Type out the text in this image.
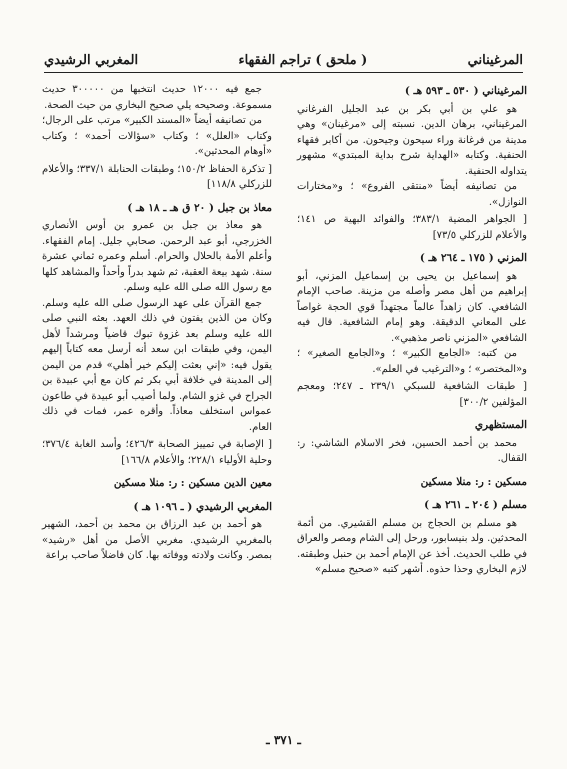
المرغيناني
( ملحق ) تراجم الفقهاء
المغربي الرشيدي
المرغيناني ( ٥٣٠ ـ ٥٩٣ هـ )

هو علي بن أبي بكر بن عبد الجليل الفرغاني المرغيناني، برهان الدين. نسبته إلى «مرغينان» وهي مدينة من فرغانة وراء سيحون وجيحون. من أكابر فقهاء الحنفية. وكتابه «الهداية شرح بداية المبتدي» مشهور يتداوله الحنفية.

من تصانيفه أيضاً «منتقى الفروع» ؛ و«مختارات النوازل».

[ الجواهر المضية ٣٨٣/١؛ والفوائد البهية ص ١٤١؛ والأعلام للزركلي ٧٣/٥]

المزني ( ١٧٥ ـ ٢٦٤ هـ )

هو إسماعيل بن يحيى بن إسماعيل المزني، أبو إبراهيم من أهل مصر وأصله من مزينة. صاحب الإمام الشافعي. كان زاهداً عالماً مجتهداً قوي الحجة غواصاً على المعاني الدقيقة. وهو إمام الشافعية. قال فيه الشافعي «المزني ناصر مذهبي».

من كتبه: «الجامع الكبير» ؛ و«الجامع الصغير» ؛ و«المختصر» ؛ و«الترغيب في العلم».

[ طبقات الشافعية للسبكي ٢٣٩/١ ـ ٢٤٧؛ ومعجم المؤلفين ٣٠٠/٢]

المستظهري

محمد بن أحمد الحسين، فخر الاسلام الشاشي: ر: القفال.

مسكين : ر: منلا مسكين
مسلم ( ٢٠٤ ـ ٢٦١ هـ )

هو مسلم بن الحجاج بن مسلم القشيري. من أئمة المحدثين. ولد بنيسابور، ورحل إلى الشام ومصر والعراق في طلب الحديث. أخذ عن الإمام أحمد بن حنبل وطبقته. لازم البخاري وحذا حذوه. أشهر كتبه «صحيح مسلم»

جمع فيه ١٢٠٠٠ حديث انتخبها من ٣٠٠٠٠٠ حديث مسموعة. وصحيحه يلي صحيح البخاري من حيث الصحة.

من تصانيفه أيضاً «المسند الكبير» مرتب على الرجال؛ وكتاب «العلل» ؛ وكتاب «سؤالات أحمد» ؛ وكتاب «أوهام المحدثين».

[ تذكرة الحفاظ ١٥٠/٢؛ وطبقات الحنابلة ٣٣٧/١؛ والأعلام للزركلي ١١٨/٨]

معاذ بن جبل ( ٢٠ ق هـ ـ ١٨ هـ )

هو معاذ بن جبل بن عمرو بن أوس الأنصاري الخزرجي، أبو عبد الرحمن. صحابي جليل. إمام الفقهاء. وأعلم الأمة بالحلال والحرام. أسلم وعمره ثماني عشرة سنة. شهد بيعة العقبة، ثم شهد بدراً وأحداً والمشاهد كلها مع رسول الله صلى الله عليه وسلم.

جمع القرآن على عهد الرسول صلى الله عليه وسلم. وكان من الذين يفتون في ذلك العهد. بعثه النبي صلى الله عليه وسلم بعد غزوة تبوك قاضياً ومرشداً لأهل اليمن، وفي طبقات ابن سعد أنه أرسل معه كتاباً إليهم يقول فيه: «إني بعثت إليكم خير أهلي» قدم من اليمن إلى المدينة في خلافة أبي بكر ثم كان مع أبي عبيدة بن الجراح في غزو الشام. ولما أصيب أبو عبيدة في طاعون عمواس استخلف معاذاً. وأقره عمر، فمات في ذلك العام.

[ الإصابة في تمييز الصحابة ٤٢٦/٣؛ وأسد الغابة ٣٧٦/٤؛ وحلية الأولياء ٢٢٨/١؛ والأعلام ١٦٦/٨]

معين الدين مسكين : ر: منلا مسكين
المغربي الرشيدي ( ـ ١٠٩٦ هـ )

هو أحمد بن عبد الرزاق بن محمد بن أحمد، الشهير بالمغربي الرشيدي. مغربي الأصل من أهل «رشيد» بمصر. وكانت ولادته ووفاته بها. كان فاضلاً صاحب براعة

ـ ٣٧١ ـ
